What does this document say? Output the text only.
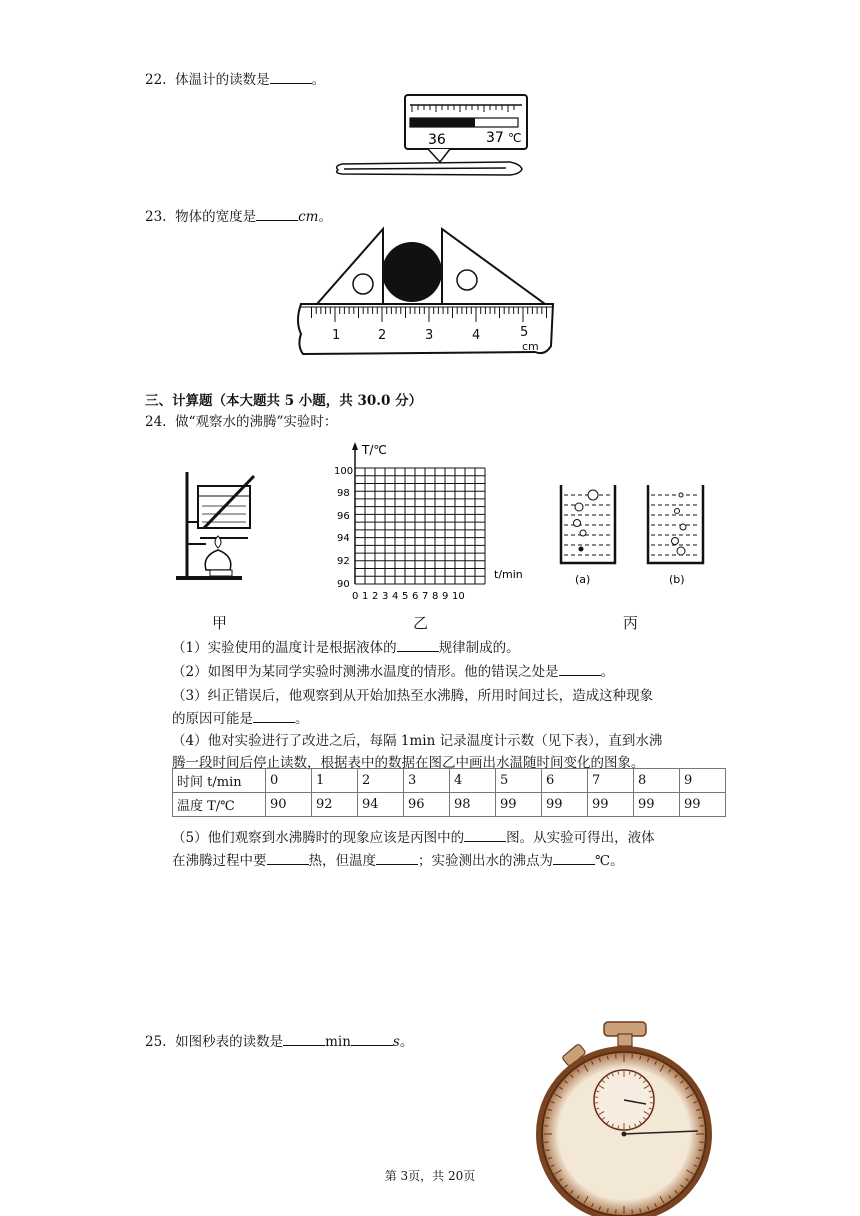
22. 体温计的读数是	。
36	37 ℃
23. 物体的宽度是	cm。
1	2	3	4	5
cm
三、计算题（本大题共 5 小题，共 30.0 分）
24. 做“观察水的沸腾”实验时：
T/℃
t/min
100
98
96
94
92
90
0 1 2 3 4 5 6 7 8 9 10
(a)	(b)
甲	乙	丙
（1）实验使用的温度计是根据液体的	规律制成的。
（2）如图甲为某同学实验时测沸水温度的情形。他的错误之处是	。
（3）纠正错误后，他观察到从开始加热至水沸腾，所用时间过长，造成这种现象
的原因可能是	。
（4）他对实验进行了改进之后，每隔 1min 记录温度计示数（见下表），直到水沸
腾一段时间后停止读数，根据表中的数据在图乙中画出水温随时间变化的图象。
时间 t/min	0	1	2	3	4	5	6	7	8	9
温度 T/℃	90	92	94	96	98	99	99	99	99	99
（5）他们观察到水沸腾时的现象应该是丙图中的	图。从实验可得出，液体
在沸腾过程中要	热，但温度	；实验测出水的沸点为	℃。
25. 如图秒表的读数是	min	s。
第 3页，共 20页
